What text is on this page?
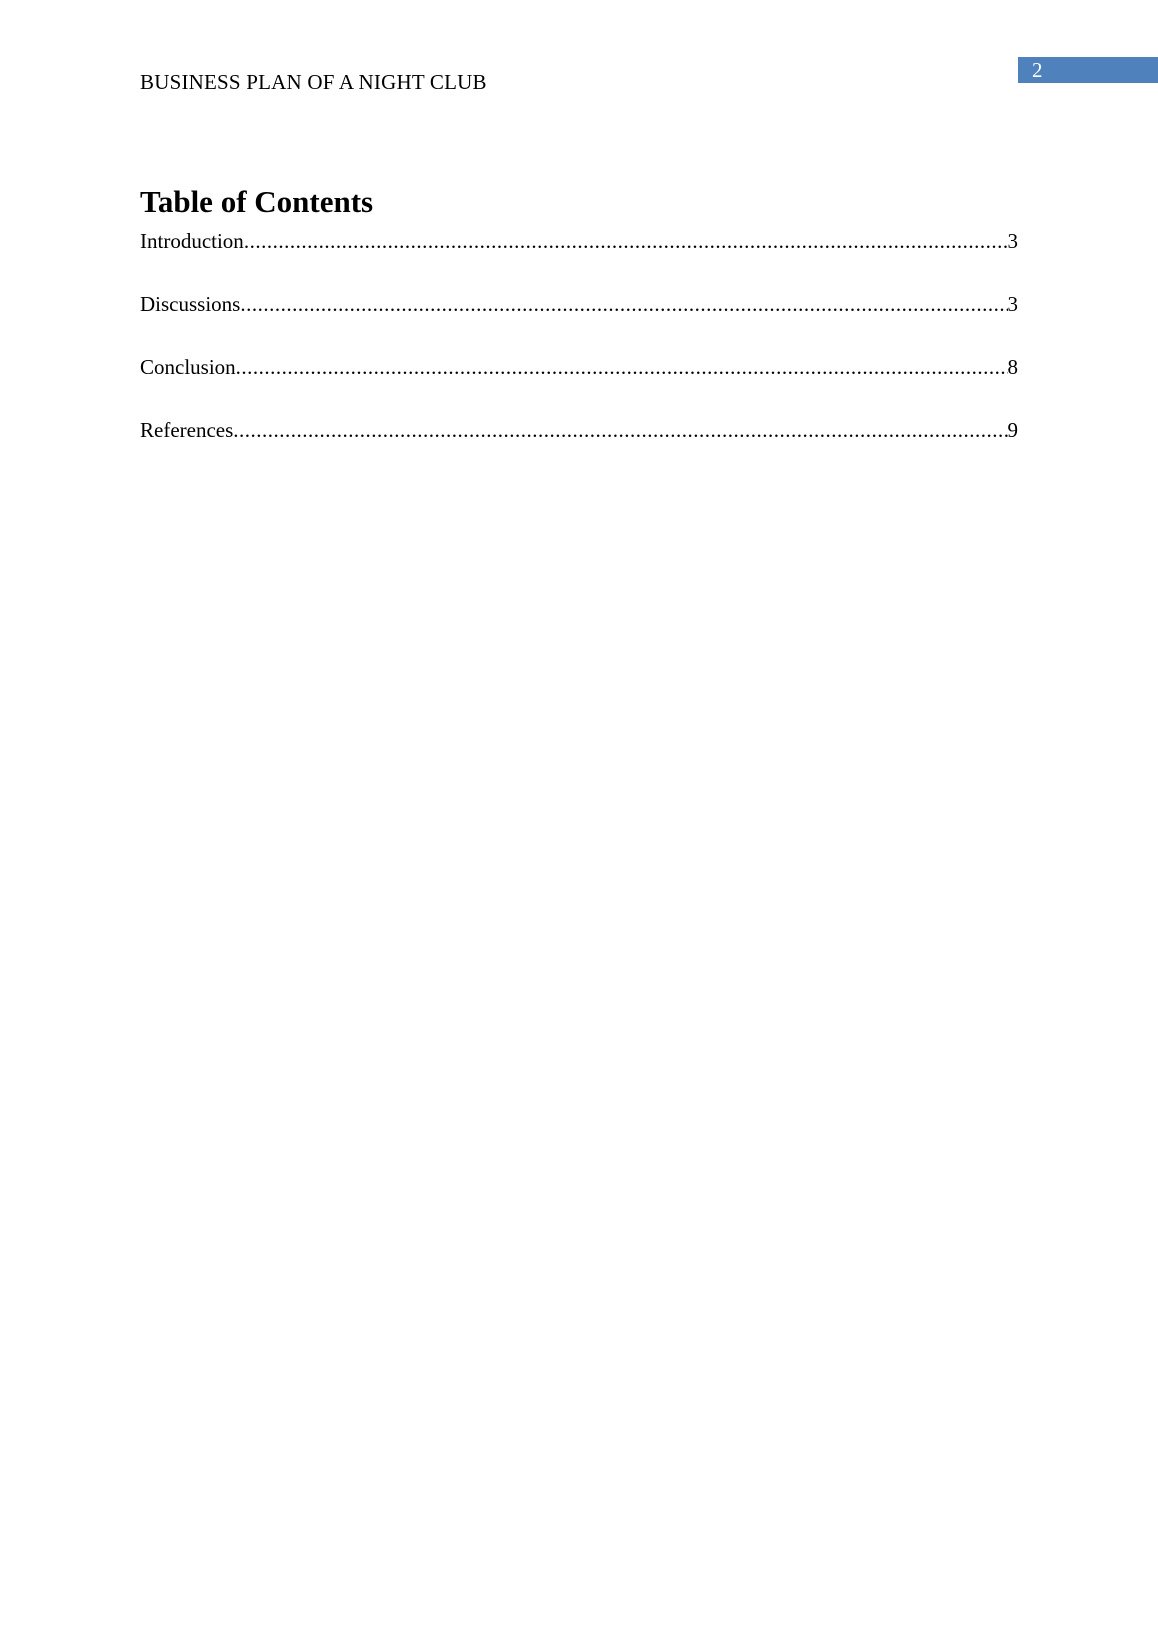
BUSINESS PLAN OF A NIGHT CLUB	2
Table of Contents
Introduction .....	3
Discussions .....	3
Conclusion .....	8
References .....	9
